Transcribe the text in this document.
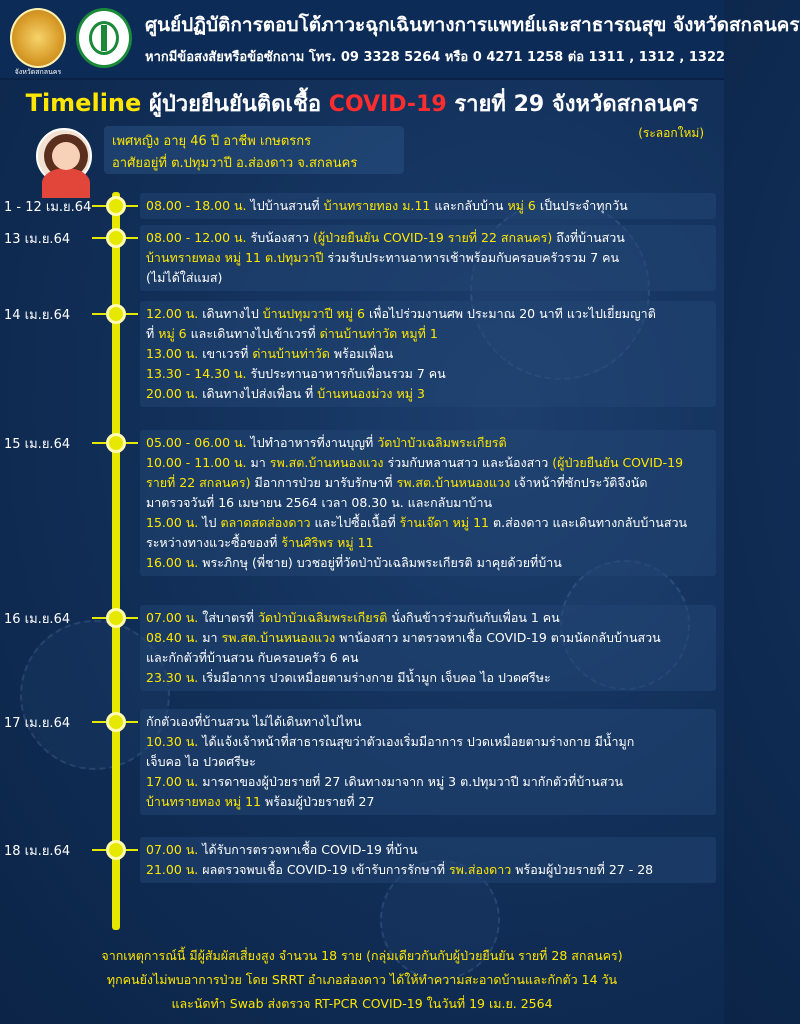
จังหวัดสกลนคร
ศูนย์ปฏิบัติการตอบโต้ภาวะฉุกเฉินทางการแพทย์และสาธารณสุข จังหวัดสกลนคร
หากมีข้อสงสัยหรือข้อซักถาม โทร. 09 3328 5264 หรือ 0 4271 1258 ต่อ 1311 , 1312 , 1322
Timeline ผู้ป่วยยืนยันติดเชื้อ COVID-19 รายที่ 29 จังหวัดสกลนคร
(ระลอกใหม่)
เพศหญิง อายุ 46 ปี อาชีพ เกษตรกร
อาศัยอยู่ที่ ต.ปทุมวาปี อ.ส่องดาว จ.สกลนคร
1 - 12 เม.ย.64	08.00 - 18.00 น. ไปบ้านสวนที่ บ้านทรายทอง ม.11 และกลับบ้าน หมู่ 6 เป็นประจำทุกวัน
13 เม.ย.64	08.00 - 12.00 น. รับน้องสาว (ผู้ป่วยยืนยัน COVID-19 รายที่ 22 สกลนคร) ถึงที่บ้านสวน
บ้านทรายทอง หมู่ 11 ต.ปทุมวาปี ร่วมรับประทานอาหารเช้าพร้อมกับครอบครัวรวม 7 คน
(ไม่ได้ใส่แมส)
14 เม.ย.64	12.00 น. เดินทางไป บ้านปทุมวาปี หมู่ 6 เพื่อไปร่วมงานศพ ประมาณ 20 นาที แวะไปเยี่ยมญาติ
ที่ หมู่ 6 และเดินทางไปเข้าเวรที่ ด่านบ้านท่าวัด หมูที่ 1
13.00 น. เขาเวรที่ ด่านบ้านท่าวัด พร้อมเพื่อน
13.30 - 14.30 น. รับประทานอาหารกับเพื่อนรวม 7 คน
20.00 น. เดินทางไปส่งเพื่อน ที่ บ้านหนองม่วง หมู่ 3
15 เม.ย.64	05.00 - 06.00 น. ไปทำอาหารที่งานบุญที่ วัดป่าบัวเฉลิมพระเกียรติ
10.00 - 11.00 น. มา รพ.สต.บ้านหนองแวง ร่วมกับหลานสาว และน้องสาว (ผู้ป่วยยืนยัน COVID-19
รายที่ 22 สกลนคร) มีอาการป่วย มารับรักษาที่ รพ.สต.บ้านหนองแวง เจ้าหน้าที่ซักประวัติจึงนัด
มาตรวจวันที่ 16 เมษายน 2564 เวลา 08.30 น. และกลับมาบ้าน
15.00 น. ไป ตลาดสดส่องดาว และไปซื้อเนื้อที่ ร้านเจ๊ดา หมู่ 11 ต.ส่องดาว และเดินทางกลับบ้านสวน
ระหว่างทางแวะซื้อของที่ ร้านศิริพร หมู่ 11
16.00 น. พระภิกษุ (พี่ชาย) บวชอยู่ที่วัดป่าบัวเฉลิมพระเกียรติ มาคุยด้วยที่บ้าน
16 เม.ย.64	07.00 น. ใส่บาตรที่ วัดป่าบัวเฉลิมพระเกียรติ นั่งกินข้าวร่วมกันกับเพื่อน 1 คน
08.40 น. มา รพ.สต.บ้านหนองแวง พาน้องสาว มาตรวจหาเชื้อ COVID-19 ตามนัดกลับบ้านสวน
และกักตัวที่บ้านสวน กับครอบครัว 6 คน
23.30 น. เริ่มมีอาการ ปวดเหมื่อยตามร่างกาย มีน้ำมูก เจ็บคอ ไอ ปวดศรีษะ
17 เม.ย.64	กักตัวเองที่บ้านสวน ไม่ได้เดินทางไปไหน
10.30 น. ได้แจ้งเจ้าหน้าที่สาธารณสุขว่าตัวเองเริ่มมีอาการ ปวดเหมื่อยตามร่างกาย มีน้ำมูก
เจ็บคอ ไอ ปวดศรีษะ
17.00 น. มารดาของผู้ป่วยรายที่ 27 เดินทางมาจาก หมู่ 3 ต.ปทุมวาปี มากักตัวที่บ้านสวน
บ้านทรายทอง หมู่ 11 พร้อมผู้ป่วยรายที่ 27
18 เม.ย.64	07.00 น. ได้รับการตรวจหาเชื้อ COVID-19 ที่บ้าน
21.00 น. ผลตรวจพบเชื้อ COVID-19 เข้ารับการรักษาที่ รพ.ส่องดาว พร้อมผู้ป่วยรายที่ 27 - 28
จากเหตุการณ์นี้ มีผู้สัมผัสเสี่ยงสูง จำนวน 18 ราย (กลุ่มเดียวกันกับผู้ป่วยยืนยัน รายที่ 28 สกลนคร)
ทุกคนยังไม่พบอาการป่วย โดย SRRT อำเภอส่องดาว ได้ให้ทำความสะอาดบ้านและกักตัว 14 วัน
และนัดทำ Swab ส่งตรวจ RT-PCR COVID-19 ในวันที่ 19 เม.ย. 2564
